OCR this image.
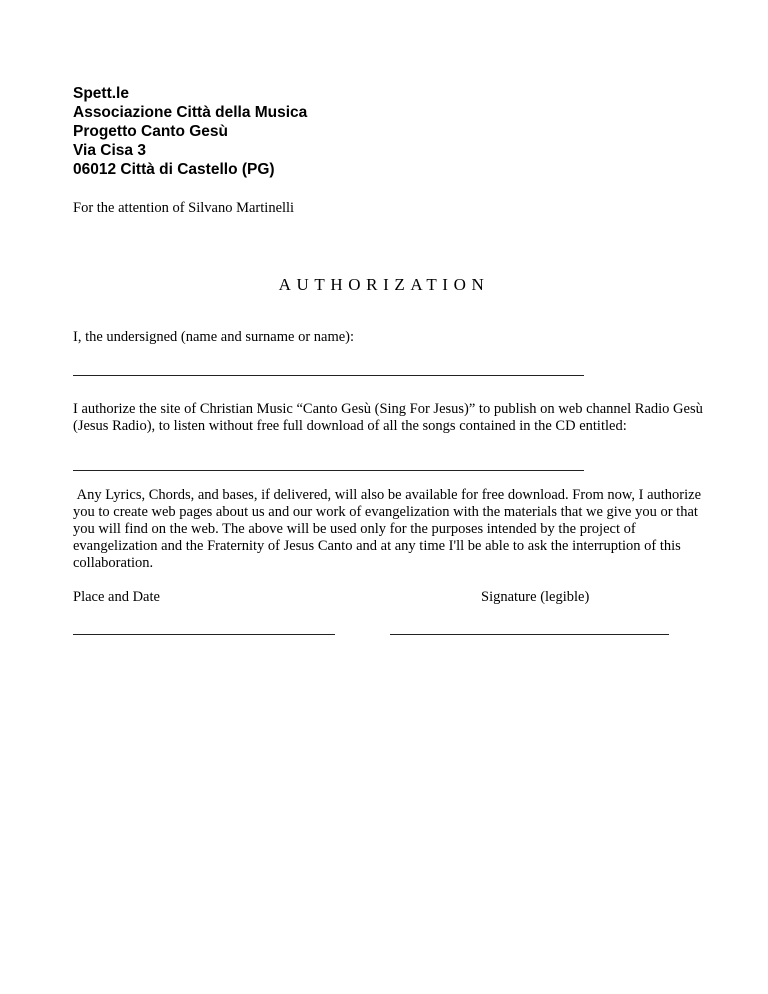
Spett.le
Associazione Città della Musica
Progetto Canto Gesù
Via Cisa 3
06012 Città di Castello (PG)
For the attention of Silvano Martinelli
AUTHORIZATION
I, the undersigned (name and surname or name):
I authorize the site of Christian Music “Canto Gesù (Sing For Jesus)” to publish on web channel Radio Gesù (Jesus Radio), to listen without free full download of all the songs contained in the CD entitled:
Any Lyrics, Chords, and bases, if delivered, will also be available for free download. From now, I authorize you to create web pages about us and our work of evangelization with the materials that we give you or that you will find on the web. The above will be used only for the purposes intended by the project of evangelization and the Fraternity of Jesus Canto and at any time I'll be able to ask the interruption of this collaboration.
Place and Date	Signature (legible)
